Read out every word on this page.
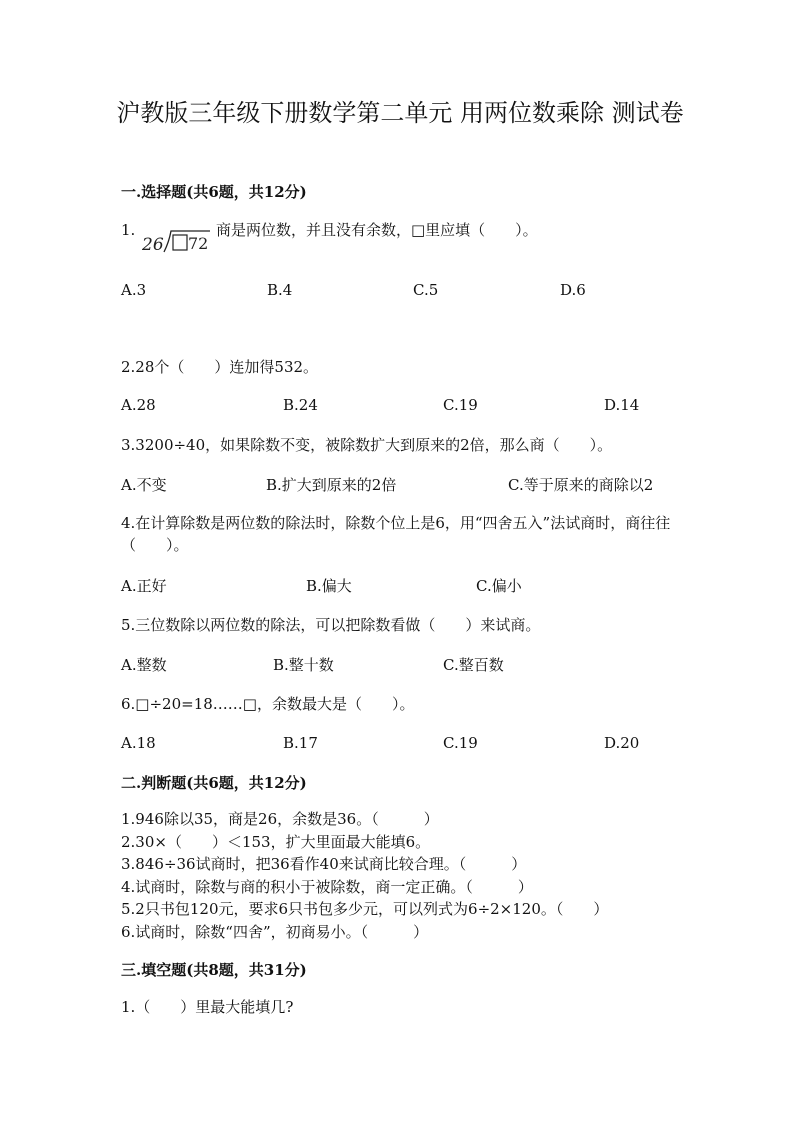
沪教版三年级下册数学第二单元 用两位数乘除 测试卷
一.选择题(共6题，共12分)
1.
26 72
商是两位数，并且没有余数，□里应填（　　）。
A.3	B.4	C.5	D.6
2.28个（　　）连加得532。
A.28	B.24	C.19	D.14
3.3200÷40，如果除数不变，被除数扩大到原来的2倍，那么商（　　）。
A.不变	B.扩大到原来的2倍	C.等于原来的商除以2
4.在计算除数是两位数的除法时，除数个位上是6，用“四舍五入”法试商时，商往往（　　）。
A.正好	B.偏大	C.偏小
5.三位数除以两位数的除法，可以把除数看做（　　）来试商。
A.整数	B.整十数	C.整百数
6.□÷20=18……□，余数最大是（　　）。
A.18	B.17	C.19	D.20
二.判断题(共6题，共12分)
1.946除以35，商是26，余数是36。（　　　）
2.30×（　　）＜153，扩大里面最大能填6。
3.846÷36试商时，把36看作40来试商比较合理。（　　　）
4.试商时，除数与商的积小于被除数，商一定正确。（　　　）
5.2只书包120元，要求6只书包多少元，可以列式为6÷2×120。（　　）
6.试商时，除数“四舍”，初商易小。（　　　）
三.填空题(共8题，共31分)
1.（　　）里最大能填几?
